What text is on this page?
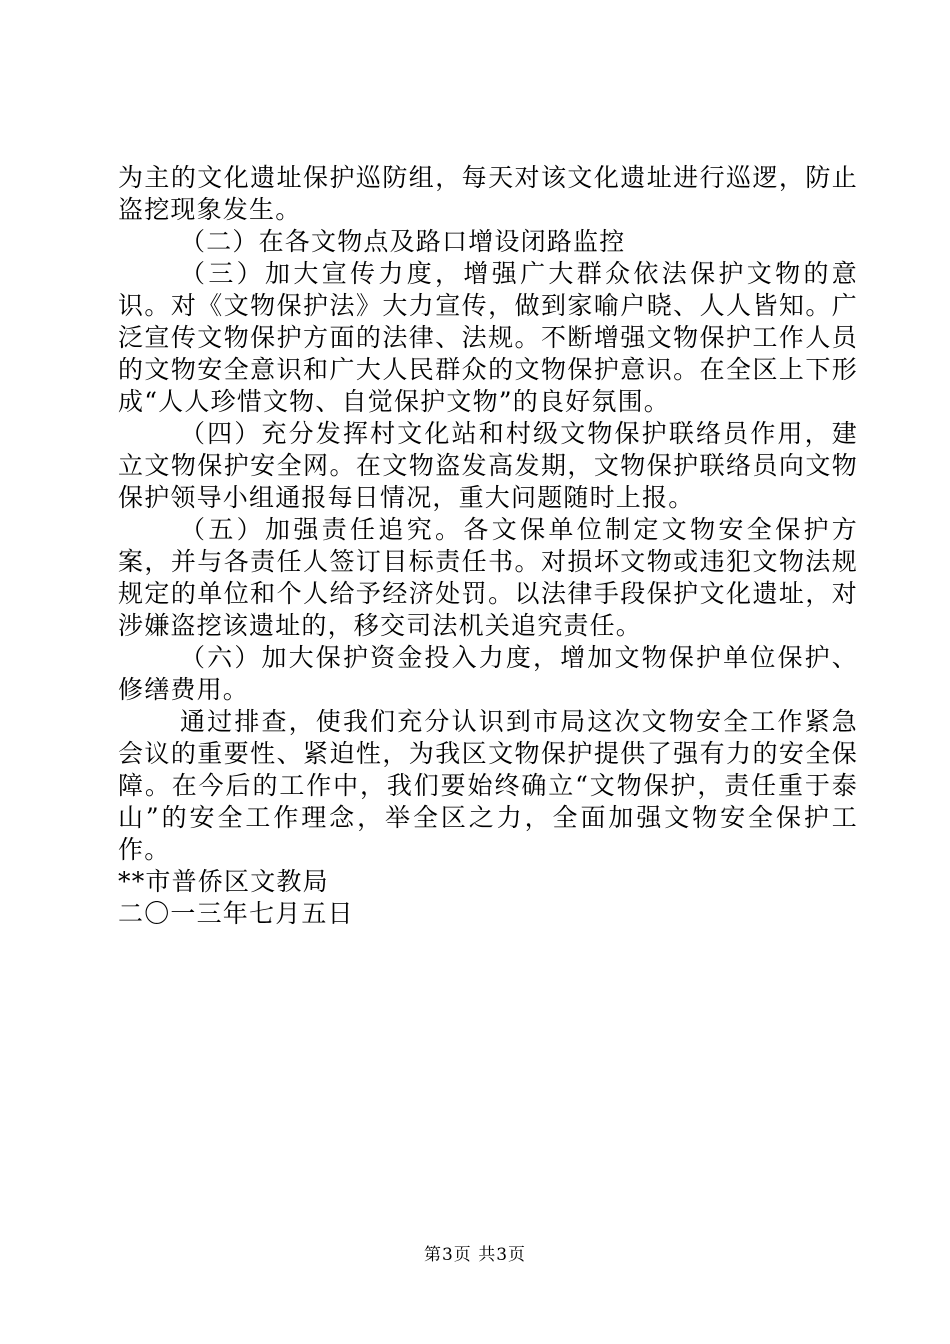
为主的文化遗址保护巡防组，每天对该文化遗址进行巡逻，防止盗挖现象发生。

（二）在各文物点及路口增设闭路监控

（三）加大宣传力度，增强广大群众依法保护文物的意识。对《文物保护法》大力宣传，做到家喻户晓、人人皆知。广泛宣传文物保护方面的法律、法规。不断增强文物保护工作人员的文物安全意识和广大人民群众的文物保护意识。在全区上下形成“人人珍惜文物、自觉保护文物”的良好氛围。

（四）充分发挥村文化站和村级文物保护联络员作用，建立文物保护安全网。在文物盗发高发期，文物保护联络员向文物保护领导小组通报每日情况，重大问题随时上报。

（五）加强责任追究。各文保单位制定文物安全保护方案，并与各责任人签订目标责任书。对损坏文物或违犯文物法规规定的单位和个人给予经济处罚。以法律手段保护文化遗址，对涉嫌盗挖该遗址的，移交司法机关追究责任。

（六）加大保护资金投入力度，增加文物保护单位保护、修缮费用。

通过排查，使我们充分认识到市局这次文物安全工作紧急会议的重要性、紧迫性，为我区文物保护提供了强有力的安全保障。在今后的工作中，我们要始终确立“文物保护，责任重于泰山”的安全工作理念，举全区之力，全面加强文物安全保护工作。

**市普侨区文教局

二〇一三年七月五日

第3页 共3页
